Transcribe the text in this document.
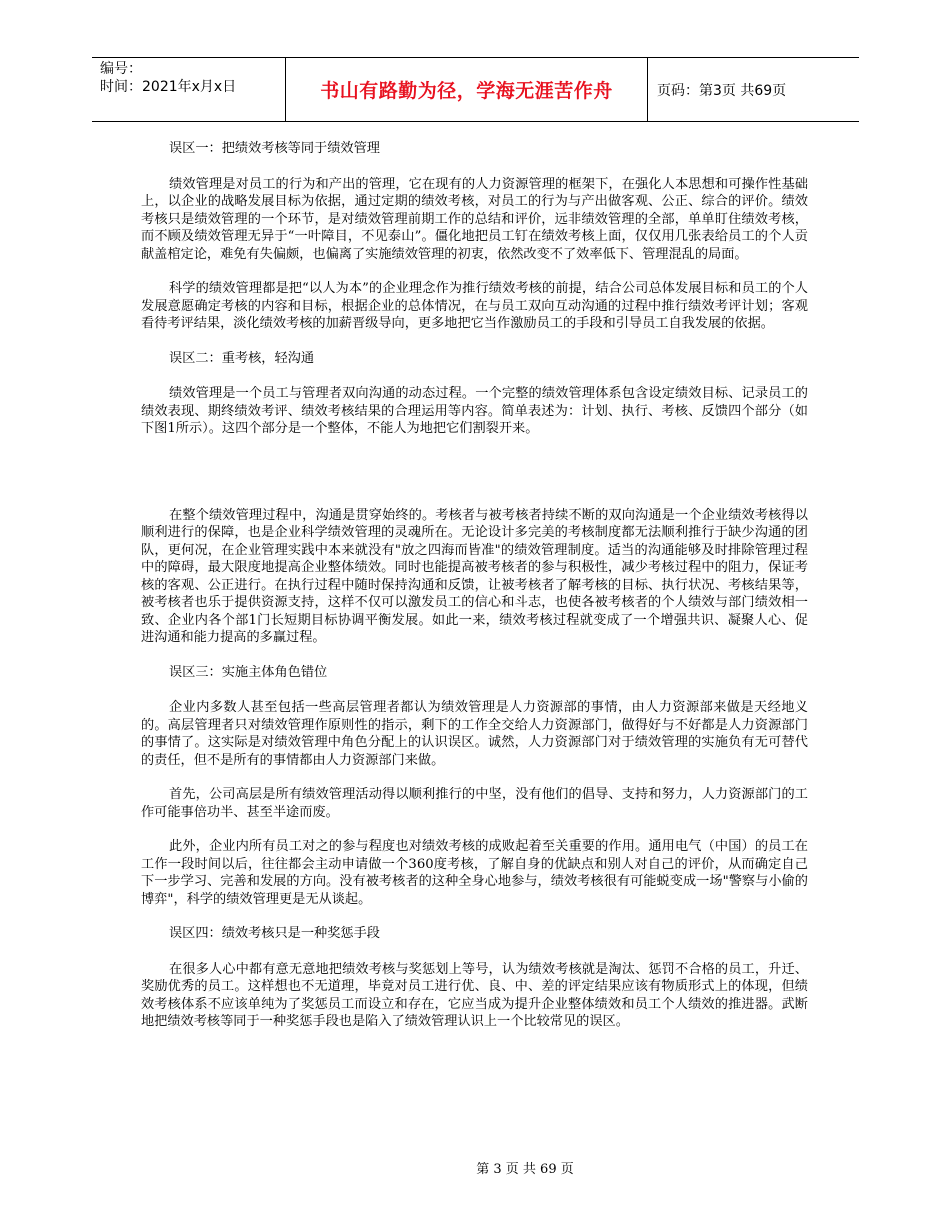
编号：
时间：2021年x月x日	书山有路勤为径，学海无涯苦作舟	页码：第3页 共69页

误区一：把绩效考核等同于绩效管理

绩效管理是对员工的行为和产出的管理，它在现有的人力资源管理的框架下，在强化人本思想和可操作性基础上，以企业的战略发展目标为依据，通过定期的绩效考核，对员工的行为与产出做客观、公正、综合的评价。绩效考核只是绩效管理的一个环节，是对绩效管理前期工作的总结和评价，远非绩效管理的全部，单单盯住绩效考核，而不顾及绩效管理无异于“一叶障目，不见泰山”。僵化地把员工钉在绩效考核上面，仅仅用几张表给员工的个人贡献盖棺定论，难免有失偏颇，也偏离了实施绩效管理的初衷，依然改变不了效率低下、管理混乱的局面。

科学的绩效管理都是把“以人为本”的企业理念作为推行绩效考核的前提，结合公司总体发展目标和员工的个人发展意愿确定考核的内容和目标，根据企业的总体情况，在与员工双向互动沟通的过程中推行绩效考评计划；客观看待考评结果，淡化绩效考核的加薪晋级导向，更多地把它当作激励员工的手段和引导员工自我发展的依据。

误区二：重考核，轻沟通

绩效管理是一个员工与管理者双向沟通的动态过程。一个完整的绩效管理体系包含设定绩效目标、记录员工的绩效表现、期终绩效考评、绩效考核结果的合理运用等内容。简单表述为：计划、执行、考核、反馈四个部分（如下图1所示）。这四个部分是一个整体，不能人为地把它们割裂开来。

在整个绩效管理过程中，沟通是贯穿始终的。考核者与被考核者持续不断的双向沟通是一个企业绩效考核得以顺利进行的保障，也是企业科学绩效管理的灵魂所在。无论设计多完美的考核制度都无法顺利推行于缺少沟通的团队，更何况，在企业管理实践中本来就没有"放之四海而皆准"的绩效管理制度。适当的沟通能够及时排除管理过程中的障碍，最大限度地提高企业整体绩效。同时也能提高被考核者的参与积极性，减少考核过程中的阻力，保证考核的客观、公正进行。在执行过程中随时保持沟通和反馈，让被考核者了解考核的目标、执行状况、考核结果等，被考核者也乐于提供资源支持，这样不仅可以激发员工的信心和斗志，也使各被考核者的个人绩效与部门绩效相一致、企业内各个部1门长短期目标协调平衡发展。如此一来，绩效考核过程就变成了一个增强共识、凝聚人心、促进沟通和能力提高的多赢过程。

误区三：实施主体角色错位

企业内多数人甚至包括一些高层管理者都认为绩效管理是人力资源部的事情，由人力资源部来做是天经地义的。高层管理者只对绩效管理作原则性的指示，剩下的工作全交给人力资源部门，做得好与不好都是人力资源部门的事情了。这实际是对绩效管理中角色分配上的认识误区。诚然，人力资源部门对于绩效管理的实施负有无可替代的责任，但不是所有的事情都由人力资源部门来做。

首先，公司高层是所有绩效管理活动得以顺利推行的中坚，没有他们的倡导、支持和努力，人力资源部门的工作可能事倍功半、甚至半途而废。

此外，企业内所有员工对之的参与程度也对绩效考核的成败起着至关重要的作用。通用电气（中国）的员工在工作一段时间以后，往往都会主动申请做一个360度考核，了解自身的优缺点和别人对自己的评价，从而确定自己下一步学习、完善和发展的方向。没有被考核者的这种全身心地参与，绩效考核很有可能蜕变成一场"警察与小偷的博弈"，科学的绩效管理更是无从谈起。

误区四：绩效考核只是一种奖惩手段

在很多人心中都有意无意地把绩效考核与奖惩划上等号，认为绩效考核就是淘汰、惩罚不合格的员工，升迁、奖励优秀的员工。这样想也不无道理，毕竟对员工进行优、良、中、差的评定结果应该有物质形式上的体现，但绩效考核体系不应该单纯为了奖惩员工而设立和存在，它应当成为提升企业整体绩效和员工个人绩效的推进器。武断地把绩效考核等同于一种奖惩手段也是陷入了绩效管理认识上一个比较常见的误区。

第 3 页 共 69 页
